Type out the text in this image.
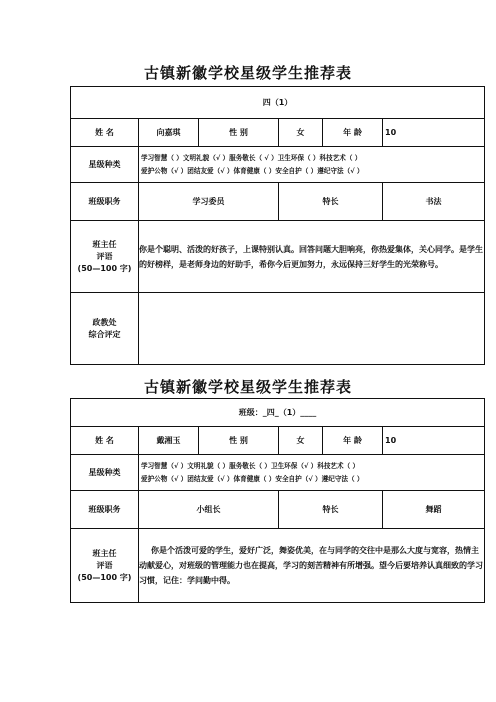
古镇新徽学校星级学生推荐表
四（1）					
姓 名	向嘉琪	性 别	女	年 龄	10
星级种类	学习智慧（ ）文明礼貌（√ ）服务敬长（ √ ）卫生环保（ ）科技艺术（ ）
爱护公物（√ ）团结友爱（√ ）体育健康（ ）安全自护（ ）遵纪守法（√ ）				

班级职务	学习委员		特长		书法

班主任
评语
(50—100 字)	你是个聪明、活泼的好孩子，上课特别认真。回答问题大胆响亮，你热爱集体，关心同学。是学生的好榜样，是老师身边的好助手，希你今后更加努力，永远保持三好学生的光荣称号。				

政教处
综合评定					

古镇新徽学校星级学生推荐表
班级：_四_（1）____					
姓 名	戴湘玉	性 别	女	年 龄	10
星级种类	学习智慧（√ ）文明礼貌（ ）服务敬长（ ）卫生环保（√ ）科技艺术（ ）
爱护公物（√ ）团结友爱（√ ）体育健康（ ）安全自护（√ ）遵纪守法（ ）				

班级职务	小组长		特长		舞蹈

班主任
评语
(50—100 字)	你是个活泼可爱的学生，爱好广泛，舞姿优美，在与同学的交往中是那么大度与宽容，热情主动献爱心，对班级的管理能力也在提高，学习的刻苦精神有所增强。望今后要培养认真细致的学习习惯，记住：学问勤中得。				
